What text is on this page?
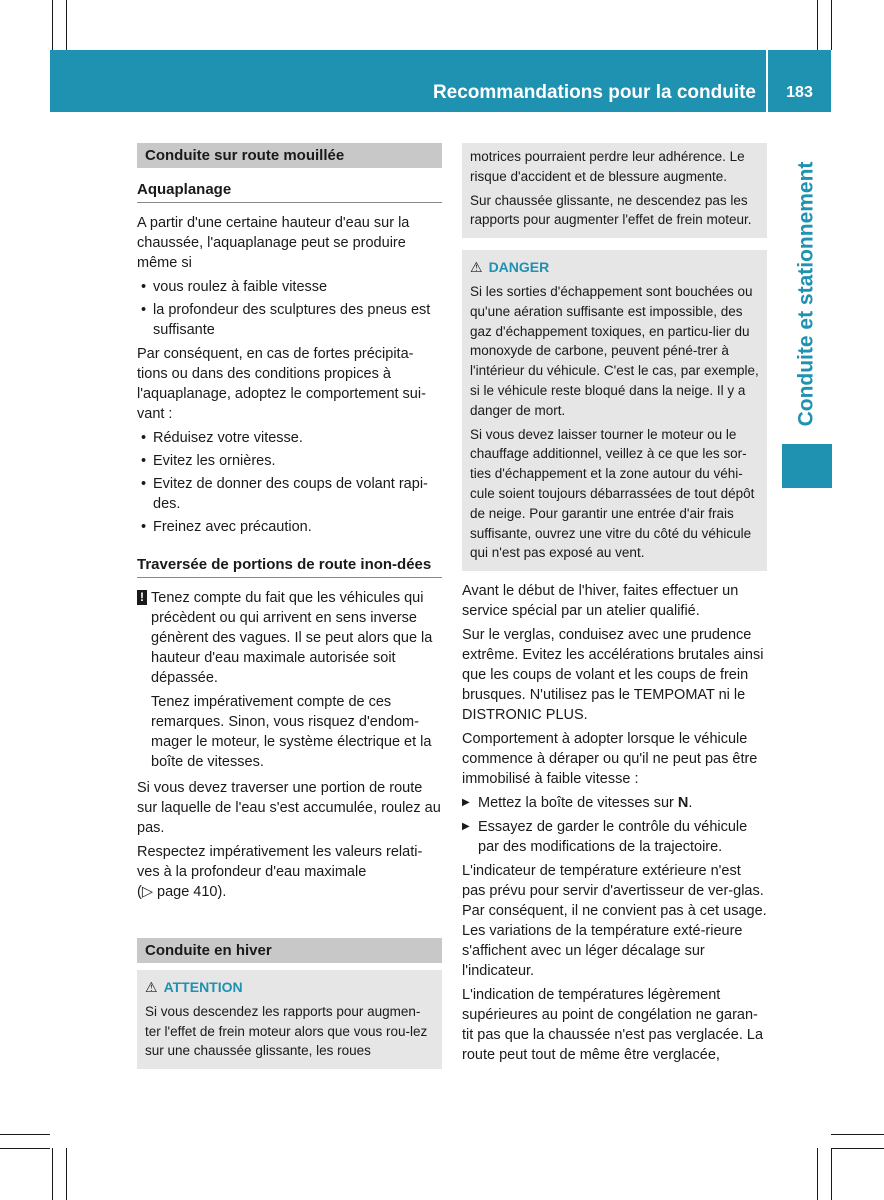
Recommandations pour la conduite	183
Conduite et stationnement
Conduite sur route mouillée
Aquaplanage

A partir d'une certaine hauteur d'eau sur la chaussée, l'aquaplanage peut se produire même si

• vous roulez à faible vitesse
• la profondeur des sculptures des pneus est suffisante

Par conséquent, en cas de fortes précipita-tions ou dans des conditions propices à l'aquaplanage, adoptez le comportement sui-vant :

• Réduisez votre vitesse.
• Evitez les ornières.
• Evitez de donner des coups de volant rapi-des.
• Freinez avec précaution.
Traversée de portions de route inon-dées
! Tenez compte du fait que les véhicules qui précèdent ou qui arrivent en sens inverse génèrent des vagues. Il se peut alors que la hauteur d'eau maximale autorisée soit dépassée.

Tenez impérativement compte de ces remarques. Sinon, vous risquez d'endom-mager le moteur, le système électrique et la boîte de vitesses.

Si vous devez traverser une portion de route sur laquelle de l'eau s'est accumulée, roulez au pas.

Respectez impérativement les valeurs relati-ves à la profondeur d'eau maximale
(▷ page 410).

Conduite en hiver
⚠ ATTENTION

Si vous descendez les rapports pour augmen-ter l'effet de frein moteur alors que vous rou-lez sur une chaussée glissante, les roues

motrices pourraient perdre leur adhérence. Le risque d'accident et de blessure augmente.

Sur chaussée glissante, ne descendez pas les rapports pour augmenter l'effet de frein moteur.

⚠ DANGER

Si les sorties d'échappement sont bouchées ou qu'une aération suffisante est impossible, des gaz d'échappement toxiques, en particu-lier du monoxyde de carbone, peuvent péné-trer à l'intérieur du véhicule. C'est le cas, par exemple, si le véhicule reste bloqué dans la neige. Il y a danger de mort.

Si vous devez laisser tourner le moteur ou le chauffage additionnel, veillez à ce que les sor-ties d'échappement et la zone autour du véhi-cule soient toujours débarrassées de tout dépôt de neige. Pour garantir une entrée d'air frais suffisante, ouvrez une vitre du côté du véhicule qui n'est pas exposé au vent.

Avant le début de l'hiver, faites effectuer un service spécial par un atelier qualifié.

Sur le verglas, conduisez avec une prudence extrême. Evitez les accélérations brutales ainsi que les coups de volant et les coups de frein brusques. N'utilisez pas le TEMPOMAT ni le DISTRONIC PLUS.

Comportement à adopter lorsque le véhicule commence à déraper ou qu'il ne peut pas être immobilisé à faible vitesse :

▶ Mettez la boîte de vitesses sur N.
▶ Essayez de garder le contrôle du véhicule par des modifications de la trajectoire.

L'indicateur de température extérieure n'est pas prévu pour servir d'avertisseur de ver-glas. Par conséquent, il ne convient pas à cet usage. Les variations de la température exté-rieure s'affichent avec un léger décalage sur l'indicateur.

L'indication de températures légèrement supérieures au point de congélation ne garan-tit pas que la chaussée n'est pas verglacée. La route peut tout de même être verglacée,
